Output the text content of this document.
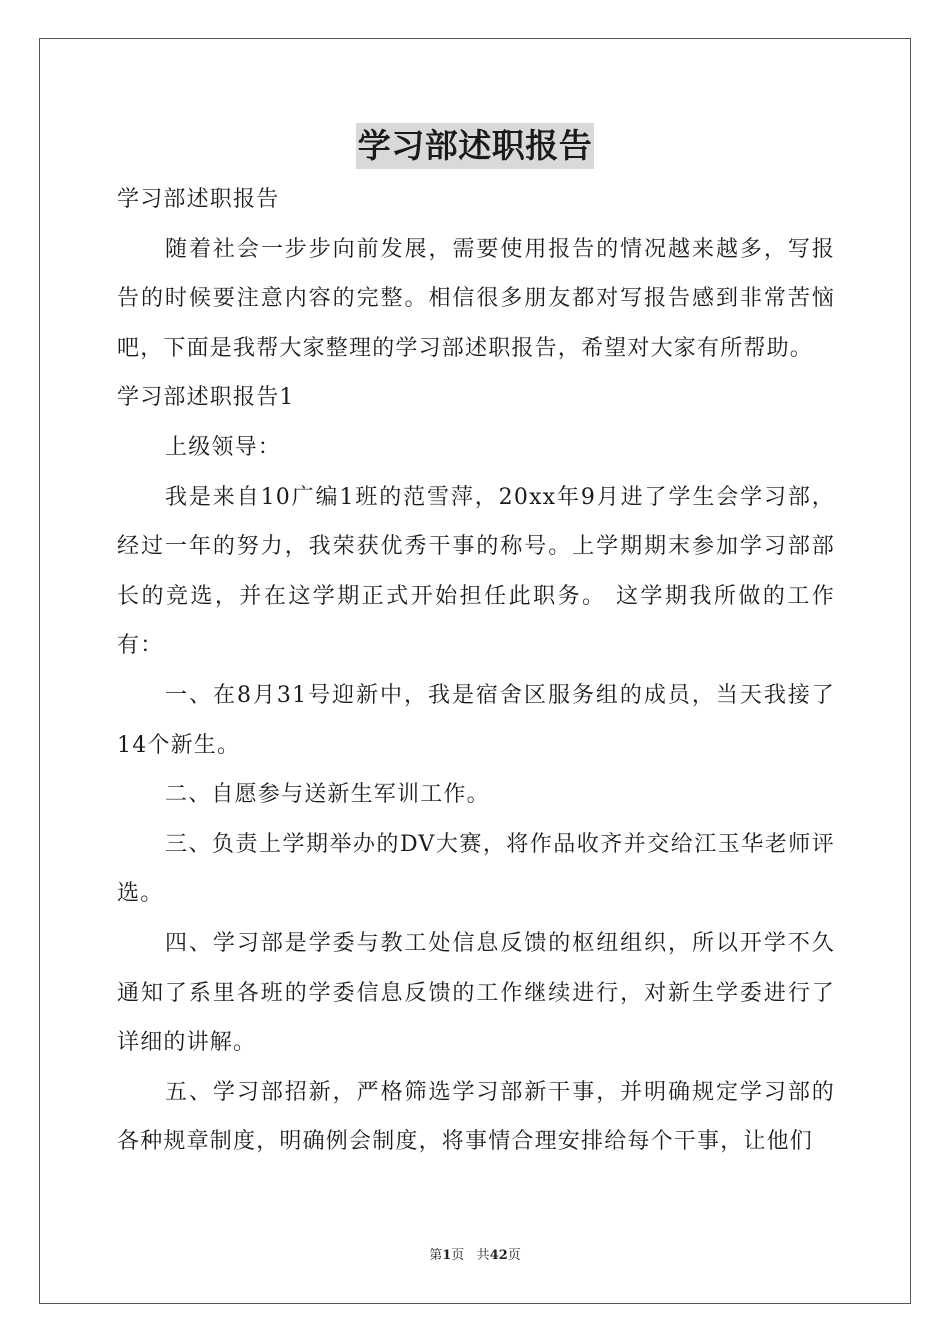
学习部述职报告

学习部述职报告

随着社会一步步向前发展，需要使用报告的情况越来越多，写报告的时候要注意内容的完整。相信很多朋友都对写报告感到非常苦恼吧，下面是我帮大家整理的学习部述职报告，希望对大家有所帮助。

学习部述职报告1

上级领导：

我是来自10广编1班的范雪萍，20xx年9月进了学生会学习部，经过一年的努力，我荣获优秀干事的称号。上学期期末参加学习部部长的竞选，并在这学期正式开始担任此职务。 这学期我所做的工作有：

一、在8月31号迎新中，我是宿舍区服务组的成员，当天我接了14个新生。

二、自愿参与送新生军训工作。

三、负责上学期举办的DV大赛，将作品收齐并交给江玉华老师评选。

四、学习部是学委与教工处信息反馈的枢纽组织，所以开学不久通知了系里各班的学委信息反馈的工作继续进行，对新生学委进行了详细的讲解。

五、学习部招新，严格筛选学习部新干事，并明确规定学习部的各种规章制度，明确例会制度，将事情合理安排给每个干事，让他们

第1页 共42页
